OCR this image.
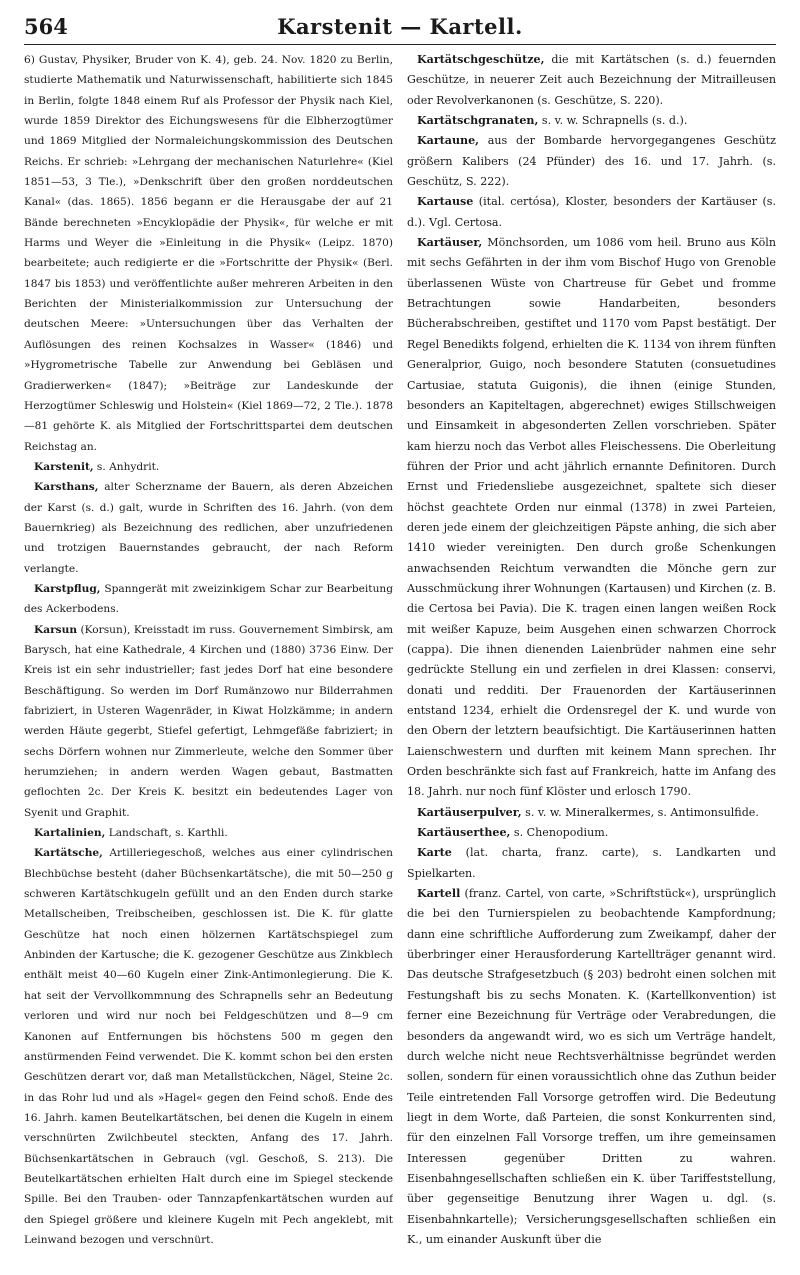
564	Karstenit — Kartell.

6) Gustav, Physiker, Bruder von K. 4), geb. 24. Nov. 1820 zu Berlin, studierte Mathematik und Naturwissenschaft, habilitierte sich 1845 in Berlin, folgte 1848 einem Ruf als Professor der Physik nach Kiel, wurde 1859 Direktor des Eichungswesens für die Elbherzogtümer und 1869 Mitglied der Normaleichungskommission des Deutschen Reichs. Er schrieb: »Lehrgang der mechanischen Naturlehre« (Kiel 1851—53, 3 Tle.), »Denkschrift über den großen norddeutschen Kanal« (das. 1865). 1856 begann er die Herausgabe der auf 21 Bände berechneten »Encyklopädie der Physik«, für welche er mit Harms und Weyer die »Einleitung in die Physik« (Leipz. 1870) bearbeitete; auch redigierte er die »Fortschritte der Physik« (Berl. 1847 bis 1853) und veröffentlichte außer mehreren Arbeiten in den Berichten der Ministerialkommission zur Untersuchung der deutschen Meere: »Untersuchungen über das Verhalten der Auflösungen des reinen Kochsalzes in Wasser« (1846) und »Hygrometrische Tabelle zur Anwendung bei Gebläsen und Gradierwerken« (1847); »Beiträge zur Landeskunde der Herzogtümer Schleswig und Holstein« (Kiel 1869—72, 2 Tle.). 1878—81 gehörte K. als Mitglied der Fortschrittspartei dem deutschen Reichstag an.

Karstenit, s. Anhydrit.

Karsthans, alter Scherzname der Bauern, als deren Abzeichen der Karst (s. d.) galt, wurde in Schriften des 16. Jahrh. (von dem Bauernkrieg) als Bezeichnung des redlichen, aber unzufriedenen und trotzigen Bauernstandes gebraucht, der nach Reform verlangte.

Karstpflug, Spanngerät mit zweizinkigem Schar zur Bearbeitung des Ackerbodens.

Karsun (Korsun), Kreisstadt im russ. Gouvernement Simbirsk, am Barysch, hat eine Kathedrale, 4 Kirchen und (1880) 3736 Einw. Der Kreis ist ein sehr industrieller; fast jedes Dorf hat eine besondere Beschäftigung. So werden im Dorf Rumänzowo nur Bilderrahmen fabriziert, in Usteren Wagenräder, in Kiwat Holzkämme; in andern werden Häute gegerbt, Stiefel gefertigt, Lehmgefäße fabriziert; in sechs Dörfern wohnen nur Zimmerleute, welche den Sommer über herumziehen; in andern werden Wagen gebaut, Bastmatten geflochten 2c. Der Kreis K. besitzt ein bedeutendes Lager von Syenit und Graphit.

Kartalinien, Landschaft, s. Karthli.

Kartätsche, Artilleriegeschoß, welches aus einer cylindrischen Blechbüchse besteht (daher Büchsenkartätsche), die mit 50—250 g schweren Kartätschkugeln gefüllt und an den Enden durch starke Metallscheiben, Treibscheiben, geschlossen ist. Die K. für glatte Geschütze hat noch einen hölzernen Kartätschspiegel zum Anbinden der Kartusche; die K. gezogener Geschütze aus Zinkblech enthält meist 40—60 Kugeln einer Zink-Antimonlegierung. Die K. hat seit der Vervollkommnung des Schrapnells sehr an Bedeutung verloren und wird nur noch bei Feldgeschützen und 8—9 cm Kanonen auf Entfernungen bis höchstens 500 m gegen den anstürmenden Feind verwendet. Die K. kommt schon bei den ersten Geschützen derart vor, daß man Metallstückchen, Nägel, Steine 2c. in das Rohr lud und als »Hagel« gegen den Feind schoß. Ende des 16. Jahrh. kamen Beutelkartätschen, bei denen die Kugeln in einem verschnürten Zwilchbeutel steckten, Anfang des 17. Jahrh. Büchsenkartätschen in Gebrauch (vgl. Geschoß, S. 213). Die Beutelkartätschen erhielten Halt durch eine im Spiegel steckende Spille. Bei den Trauben- oder Tannzapfenkartätschen wurden auf den Spiegel größere und kleinere Kugeln mit Pech angeklebt, mit Leinwand bezogen und verschnürt.

Kartätschgeschütze, die mit Kartätschen (s. d.) feuernden Geschütze, in neuerer Zeit auch Bezeichnung der Mitrailleusen oder Revolverkanonen (s. Geschütze, S. 220).

Kartätschgranaten, s. v. w. Schrapnells (s. d.).

Kartaune, aus der Bombarde hervorgegangenes Geschütz größern Kalibers (24 Pfünder) des 16. und 17. Jahrh. (s. Geschütz, S. 222).

Kartause (ital. certósa), Kloster, besonders der Kartäuser (s. d.). Vgl. Certosa.

Kartäuser, Mönchsorden, um 1086 vom heil. Bruno aus Köln mit sechs Gefährten in der ihm vom Bischof Hugo von Grenoble überlassenen Wüste von Chartreuse für Gebet und fromme Betrachtungen sowie Handarbeiten, besonders Bücherabschreiben, gestiftet und 1170 vom Papst bestätigt. Der Regel Benedikts folgend, erhielten die K. 1134 von ihrem fünften Generalprior, Guigo, noch besondere Statuten (consuetudines Cartusiae, statuta Guigonis), die ihnen (einige Stunden, besonders an Kapiteltagen, abgerechnet) ewiges Stillschweigen und Einsamkeit in abgesonderten Zellen vorschrieben. Später kam hierzu noch das Verbot alles Fleischessens. Die Oberleitung führen der Prior und acht jährlich ernannte Definitoren. Durch Ernst und Friedensliebe ausgezeichnet, spaltete sich dieser höchst geachtete Orden nur einmal (1378) in zwei Parteien, deren jede einem der gleichzeitigen Päpste anhing, die sich aber 1410 wieder vereinigten. Den durch große Schenkungen anwachsenden Reichtum verwandten die Mönche gern zur Ausschmückung ihrer Wohnungen (Kartausen) und Kirchen (z. B. die Certosa bei Pavia). Die K. tragen einen langen weißen Rock mit weißer Kapuze, beim Ausgehen einen schwarzen Chorrock (cappa). Die ihnen dienenden Laienbrüder nahmen eine sehr gedrückte Stellung ein und zerfielen in drei Klassen: conservi, donati und redditi. Der Frauenorden der Kartäuserinnen entstand 1234, erhielt die Ordensregel der K. und wurde von den Obern der letztern beaufsichtigt. Die Kartäuserinnen hatten Laienschwestern und durften mit keinem Mann sprechen. Ihr Orden beschränkte sich fast auf Frankreich, hatte im Anfang des 18. Jahrh. nur noch fünf Klöster und erlosch 1790.

Kartäuserpulver, s. v. w. Mineralkermes, s. Antimonsulfide.

Kartäuserthee, s. Chenopodium.

Karte (lat. charta, franz. carte), s. Landkarten und Spielkarten.

Kartell (franz. Cartel, von carte, »Schriftstück«), ursprünglich die bei den Turnierspielen zu beobachtende Kampfordnung; dann eine schriftliche Aufforderung zum Zweikampf, daher der überbringer einer Herausforderung Kartellträger genannt wird. Das deutsche Strafgesetzbuch (§ 203) bedroht einen solchen mit Festungshaft bis zu sechs Monaten. K. (Kartellkonvention) ist ferner eine Bezeichnung für Verträge oder Verabredungen, die besonders da angewandt wird, wo es sich um Verträge handelt, durch welche nicht neue Rechtsverhältnisse begründet werden sollen, sondern für einen voraussichtlich ohne das Zuthun beider Teile eintretenden Fall Vorsorge getroffen wird. Die Bedeutung liegt in dem Worte, daß Parteien, die sonst Konkurrenten sind, für den einzelnen Fall Vorsorge treffen, um ihre gemeinsamen Interessen gegenüber Dritten zu wahren. Eisenbahngesellschaften schließen ein K. über Tariffeststellung, über gegenseitige Benutzung ihrer Wagen u. dgl. (s. Eisenbahnkartelle); Versicherungsgesellschaften schließen ein K., um einander Auskunft über die
